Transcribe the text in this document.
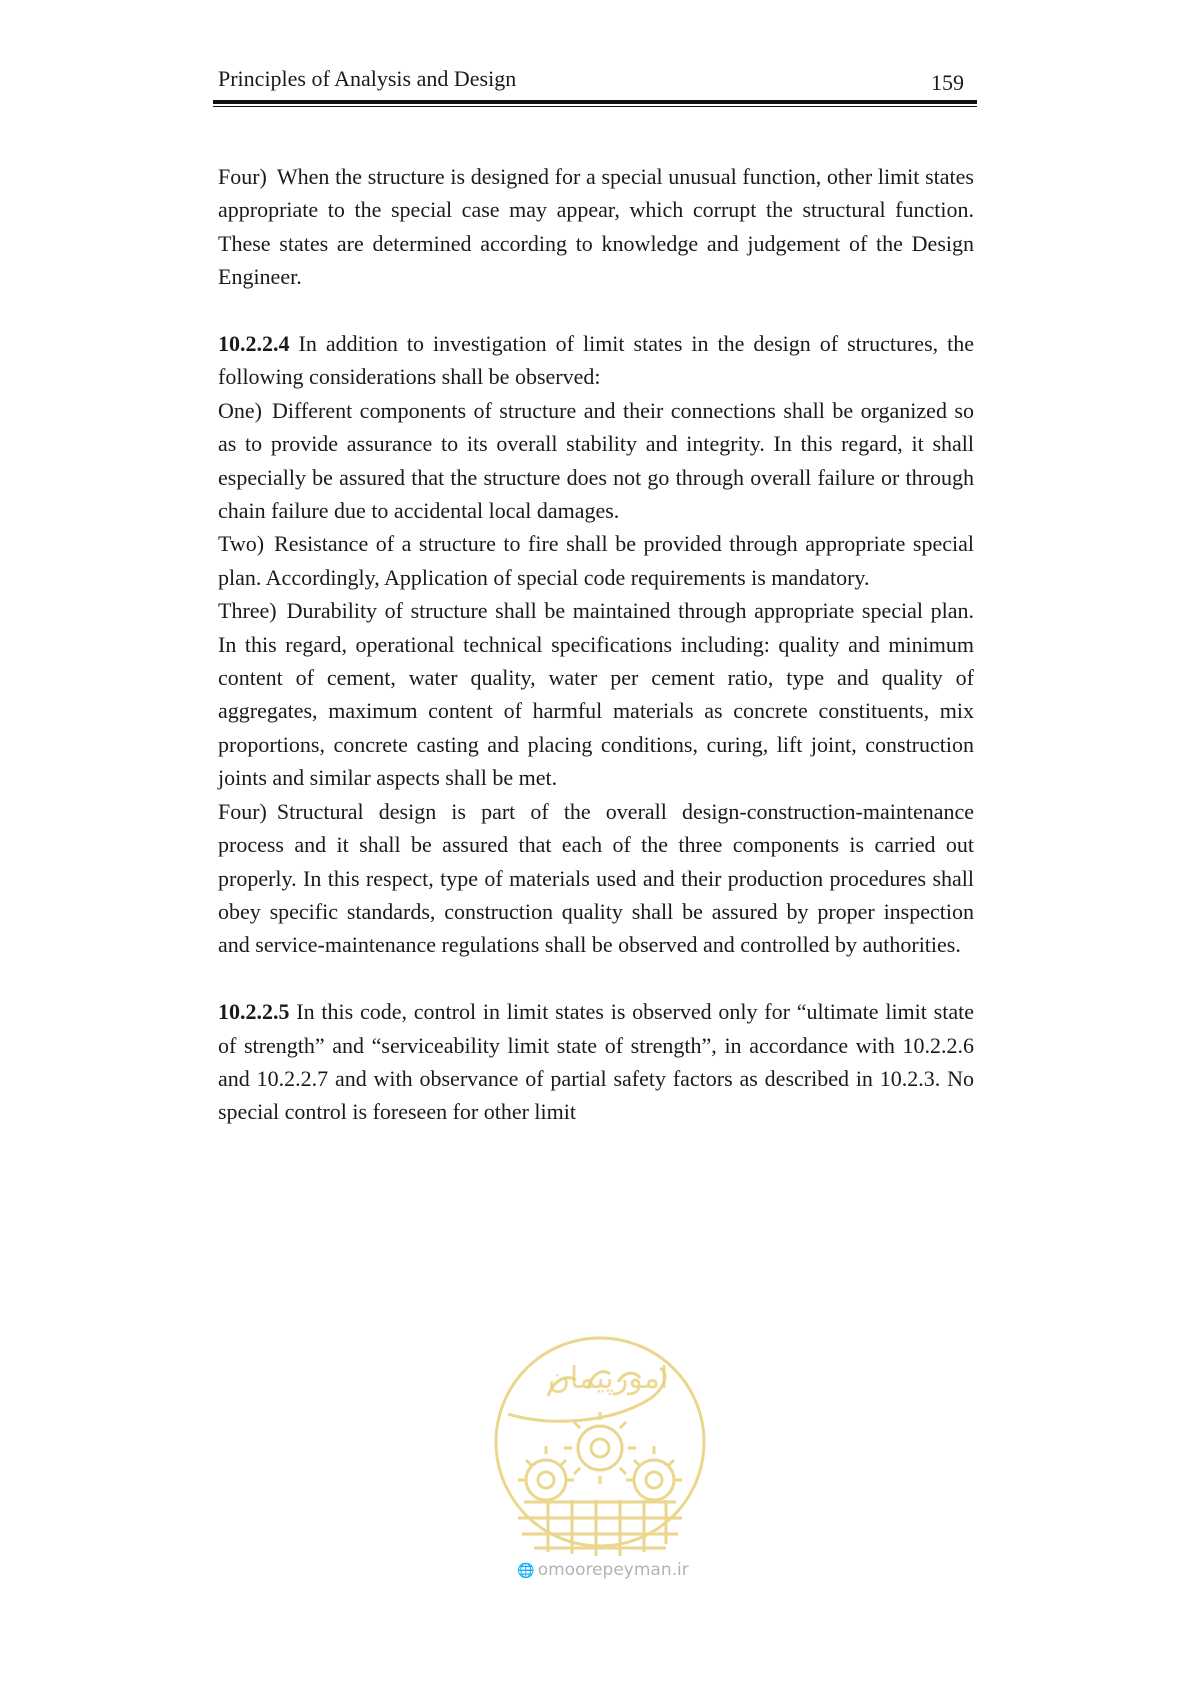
Principles of Analysis and Design	159

Four) When the structure is designed for a special unusual function, other limit states appropriate to the special case may appear, which corrupt the structural function. These states are determined according to knowledge and judgement of the Design Engineer.

10.2.2.4 In addition to investigation of limit states in the design of structures, the following considerations shall be observed:

One) Different components of structure and their connections shall be organized so as to provide assurance to its overall stability and integrity. In this regard, it shall especially be assured that the structure does not go through overall failure or through chain failure due to accidental local damages.

Two) Resistance of a structure to fire shall be provided through appropriate special plan. Accordingly, Application of special code requirements is mandatory.

Three) Durability of structure shall be maintained through appropriate special plan. In this regard, operational technical specifications including: quality and minimum content of cement, water quality, water per cement ratio, type and quality of aggregates, maximum content of harmful materials as concrete constituents, mix proportions, concrete casting and placing conditions, curing, lift joint, construction joints and similar aspects shall be met.

Four) Structural design is part of the overall design-construction-maintenance process and it shall be assured that each of the three components is carried out properly. In this respect, type of materials used and their production procedures shall obey specific standards, construction quality shall be assured by proper inspection and service-maintenance regulations shall be observed and controlled by authorities.

10.2.2.5 In this code, control in limit states is observed only for “ultimate limit state of strength” and “serviceability limit state of strength”, in accordance with 10.2.2.6 and 10.2.2.7 and with observance of partial safety factors as described in 10.2.3. No special control is foreseen for other limit

امورپیمان
🌐 omoorepeyman.ir
